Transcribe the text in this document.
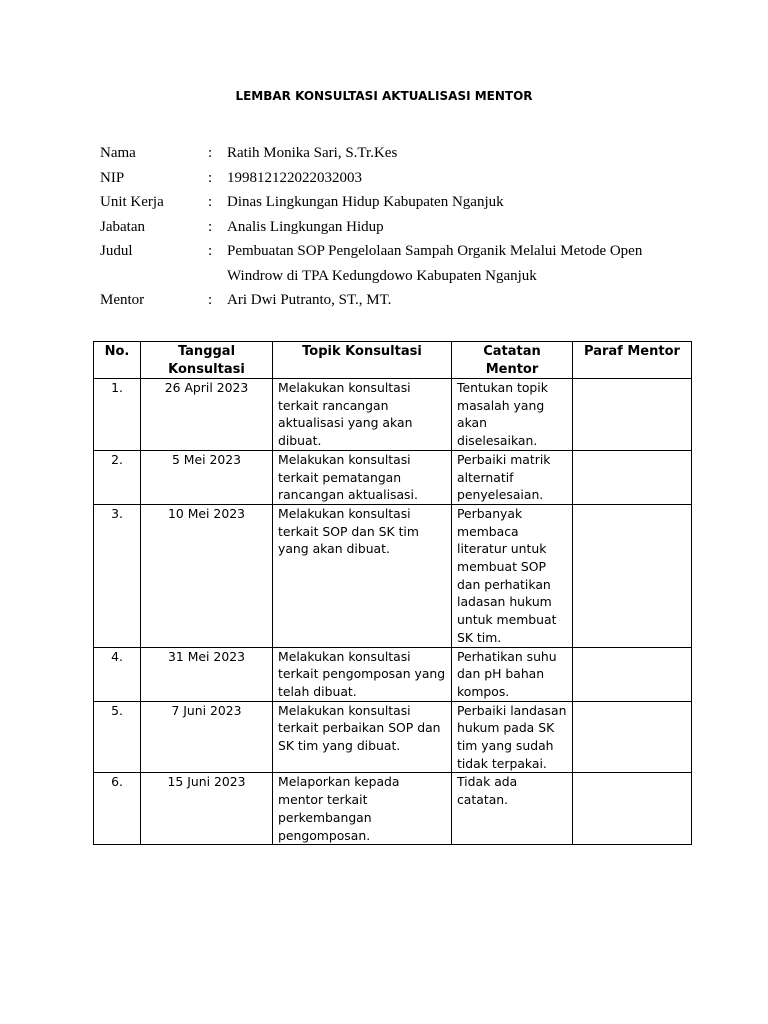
LEMBAR KONSULTASI AKTUALISASI MENTOR
Nama	: Ratih Monika Sari, S.Tr.Kes
NIP	: 199812122022032003
Unit Kerja	: Dinas Lingkungan Hidup Kabupaten Nganjuk
Jabatan	: Analis Lingkungan Hidup
Judul	: Pembuatan SOP Pengelolaan Sampah Organik Melalui Metode Open
Windrow di TPA Kedungdowo Kabupaten Nganjuk
Mentor	: Ari Dwi Putranto, ST., MT.
No.	Tanggal Konsultasi	Topik Konsultasi	Catatan Mentor	Paraf Mentor
1.	26 April 2023	Melakukan konsultasi terkait rancangan aktualisasi yang akan dibuat.	Tentukan topik masalah yang akan diselesaikan.	
2.	5 Mei 2023	Melakukan konsultasi terkait pematangan rancangan aktualisasi.	Perbaiki matrik alternatif penyelesaian.	
3.	10 Mei 2023	Melakukan konsultasi terkait SOP dan SK tim yang akan dibuat.	Perbanyak membaca literatur untuk membuat SOP dan perhatikan ladasan hukum untuk membuat SK tim.	
4.	31 Mei 2023	Melakukan konsultasi terkait pengomposan yang telah dibuat.	Perhatikan suhu dan pH bahan kompos.	
5.	7 Juni 2023	Melakukan konsultasi terkait perbaikan SOP dan SK tim yang dibuat.	Perbaiki landasan hukum pada SK tim yang sudah tidak terpakai.	
6.	15 Juni 2023	Melaporkan kepada mentor terkait perkembangan pengomposan.	Tidak ada catatan.	
